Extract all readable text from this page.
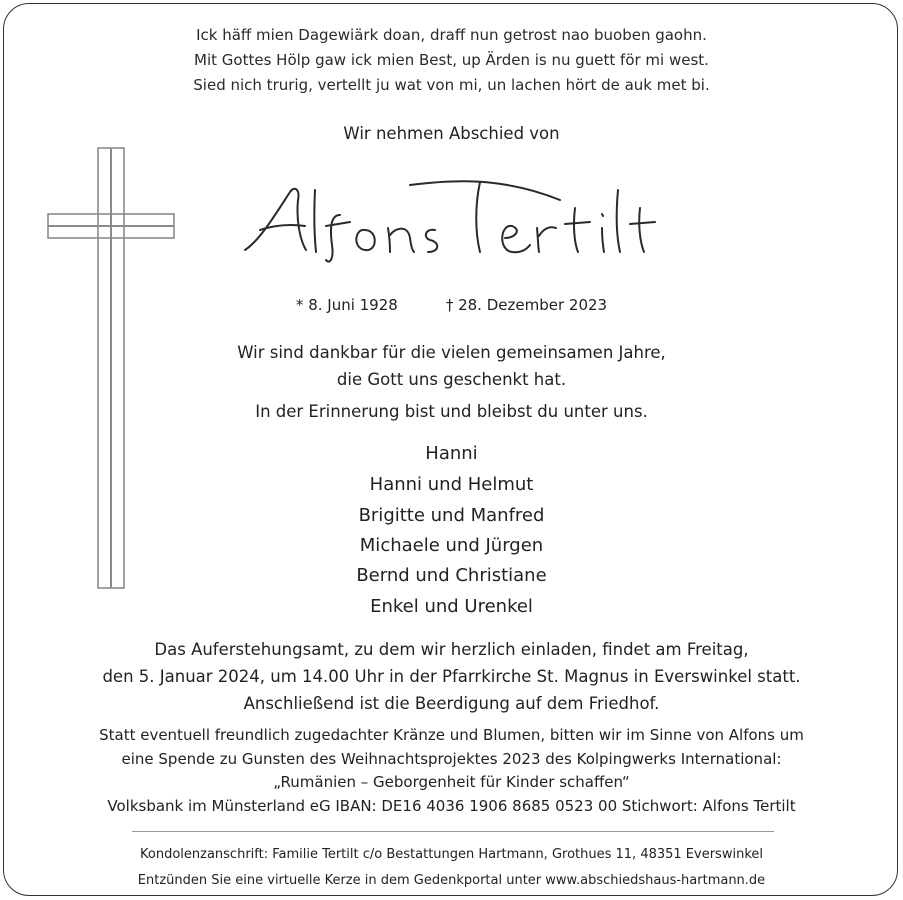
Ick häff mien Dagewiärk doan, draff nun getrost nao buoben gaohn.
Mit Gottes Hölp gaw ick mien Best, up Ärden is nu guett för mi west.
Sied nich trurig, vertellt ju wat von mi, un lachen hört de auk met bi.
Wir nehmen Abschied von
* 8. Juni 1928	† 28. Dezember 2023
Wir sind dankbar für die vielen gemeinsamen Jahre,
die Gott uns geschenkt hat.
In der Erinnerung bist und bleibst du unter uns.
Hanni
Hanni und Helmut
Brigitte und Manfred
Michaele und Jürgen
Bernd und Christiane
Enkel und Urenkel
Das Auferstehungsamt, zu dem wir herzlich einladen, findet am Freitag,
den 5. Januar 2024, um 14.00 Uhr in der Pfarrkirche St. Magnus in Everswinkel statt.
Anschließend ist die Beerdigung auf dem Friedhof.
Statt eventuell freundlich zugedachter Kränze und Blumen, bitten wir im Sinne von Alfons um
eine Spende zu Gunsten des Weihnachtsprojektes 2023 des Kolpingwerks International:
„Rumänien – Geborgenheit für Kinder schaffen“
Volksbank im Münsterland eG IBAN: DE16 4036 1906 8685 0523 00 Stichwort: Alfons Tertilt
Kondolenzanschrift: Familie Tertilt c/o Bestattungen Hartmann, Grothues 11, 48351 Everswinkel
Entzünden Sie eine virtuelle Kerze in dem Gedenkportal unter www.abschiedshaus-hartmann.de
